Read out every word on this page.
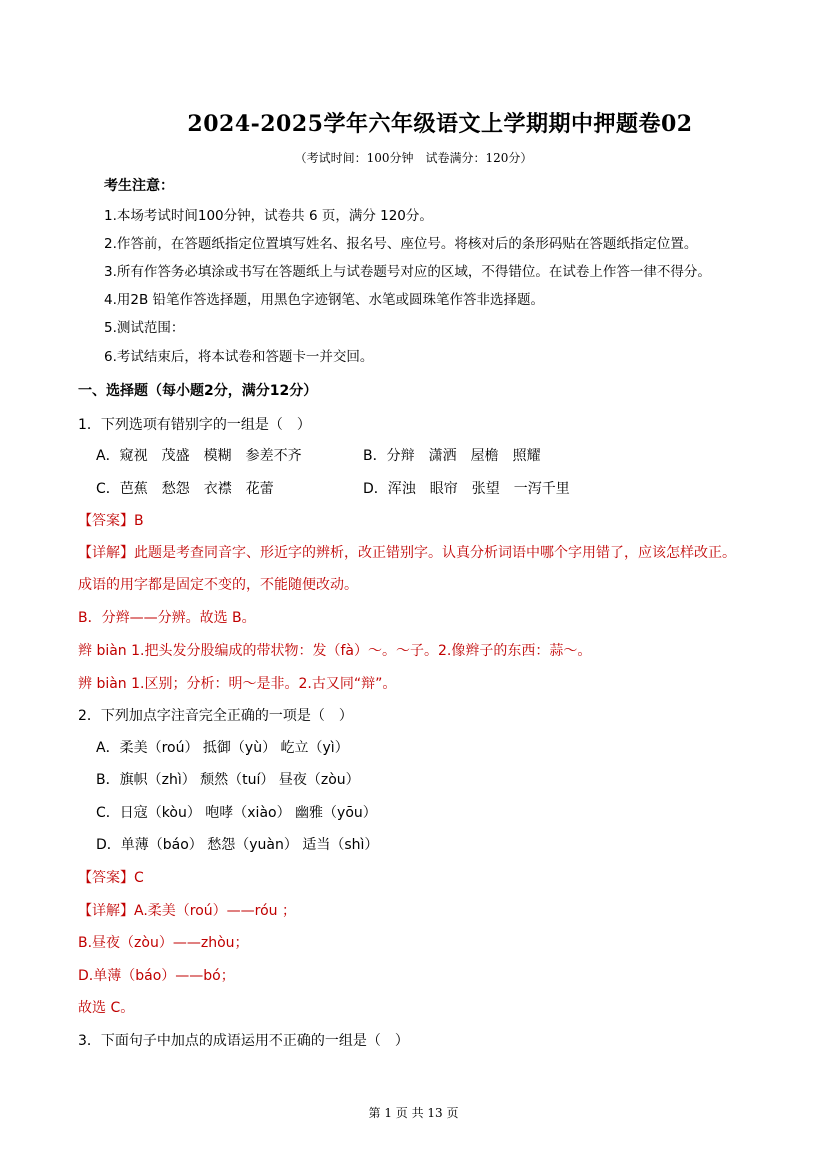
2024-2025学年六年级语文上学期期中押题卷02
（考试时间：100分钟　试卷满分：120分）
考生注意：
1.本场考试时间100分钟，试卷共 6 页，满分 120分。
2.作答前，在答题纸指定位置填写姓名、报名号、座位号。将核对后的条形码贴在答题纸指定位置。
3.所有作答务必填涂或书写在答题纸上与试卷题号对应的区域，不得错位。在试卷上作答一律不得分。
4.用2B 铅笔作答选择题，用黑色字迹钢笔、水笔或圆珠笔作答非选择题。
5.测试范围：
6.考试结束后，将本试卷和答题卡一并交回。
一、选择题（每小题2分，满分12分）
1．下列选项有错别字的一组是（　）
A．窥视　茂盛　模糊　参差不齐	B．分辩　潇洒　屋檐　照耀
C．芭蕉　愁怨　衣襟　花蕾	D．浑浊　眼帘　张望　一泻千里
【答案】B
【详解】此题是考查同音字、形近字的辨析，改正错别字。认真分析词语中哪个字用错了，应该怎样改正。
成语的用字都是固定不变的，不能随便改动。
B．分辫——分辨。故选 B。
辫 biàn 1.把头发分股编成的带状物：发（fà）～。～子。2.像辫子的东西：蒜～。
辨 biàn 1.区别；分析：明～是非。2.古又同“辩”。
2．下列加点字注音完全正确的一项是（　）
A．柔美（roú） 抵御（yù） 屹立（yì）
B．旗帜（zhì） 颓然（tuí） 昼夜（zòu）
C．日寇（kòu） 咆哮（xiào） 幽雅（yōu）
D．单薄（báo） 愁怨（yuàn） 适当（shì）
【答案】C
【详解】A.柔美（roú）——róu ；
B.昼夜（zòu）——zhòu；
D.单薄（báo）——bó；
故选 C。
3．下面句子中加点的成语运用不正确的一组是（　）
第 1 页 共 13 页
